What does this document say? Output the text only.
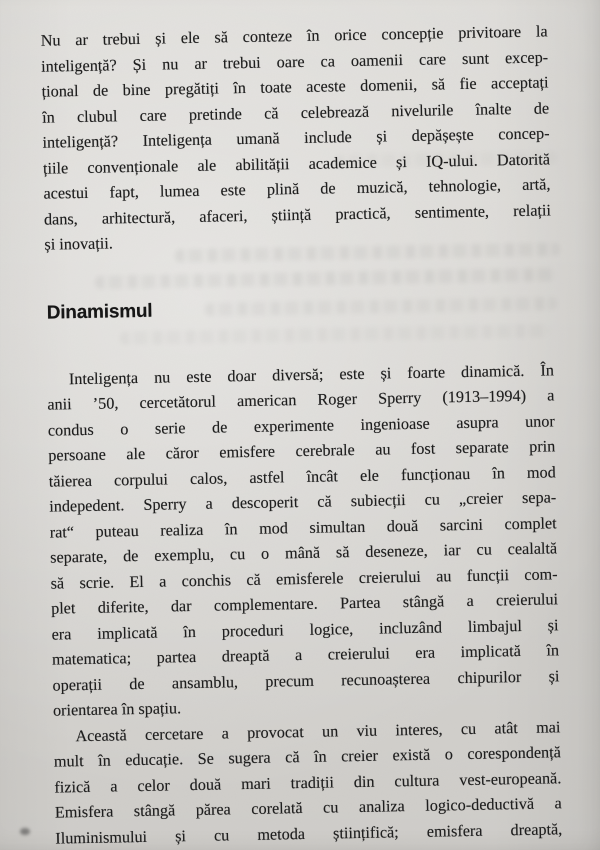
Nu ar trebui și ele să conteze în orice concepție privitoare la
inteligență? Și nu ar trebui oare ca oamenii care sunt excep-
țional de bine pregătiți în toate aceste domenii, să fie acceptați
în clubul care pretinde că celebrează nivelurile înalte de
inteligență? Inteligența umană include și depășește concep-
țiile convenționale ale abilității academice și IQ-ului. Datorită
acestui fapt, lumea este plină de muzică, tehnologie, artă,
dans, arhitectură, afaceri, știință practică, sentimente, relații
și inovații.

Dinamismul

Inteligența nu este doar diversă; este și foarte dinamică. În
anii ’50, cercetătorul american Roger Sperry (1913–1994) a
condus o serie de experimente ingenioase asupra unor
persoane ale căror emisfere cerebrale au fost separate prin
tăierea corpului calos, astfel încât ele funcționau în mod
indepedent. Sperry a descoperit că subiecții cu „creier sepa-
rat“ puteau realiza în mod simultan două sarcini complet
separate, de exemplu, cu o mână să deseneze, iar cu cealaltă
să scrie. El a conchis că emisferele creierului au funcții com-
plet diferite, dar complementare. Partea stângă a creierului
era implicată în proceduri logice, incluzând limbajul și
matematica; partea dreaptă a creierului era implicată în
operații de ansamblu, precum recunoașterea chipurilor și
orientarea în spațiu.

Această cercetare a provocat un viu interes, cu atât mai
mult în educație. Se sugera că în creier există o corespondență
fizică a celor două mari tradiții din cultura vest-europeană.
Emisfera stângă părea corelată cu analiza logico-deductivă a
Iluminismului și cu metoda științifică; emisfera dreaptă,
